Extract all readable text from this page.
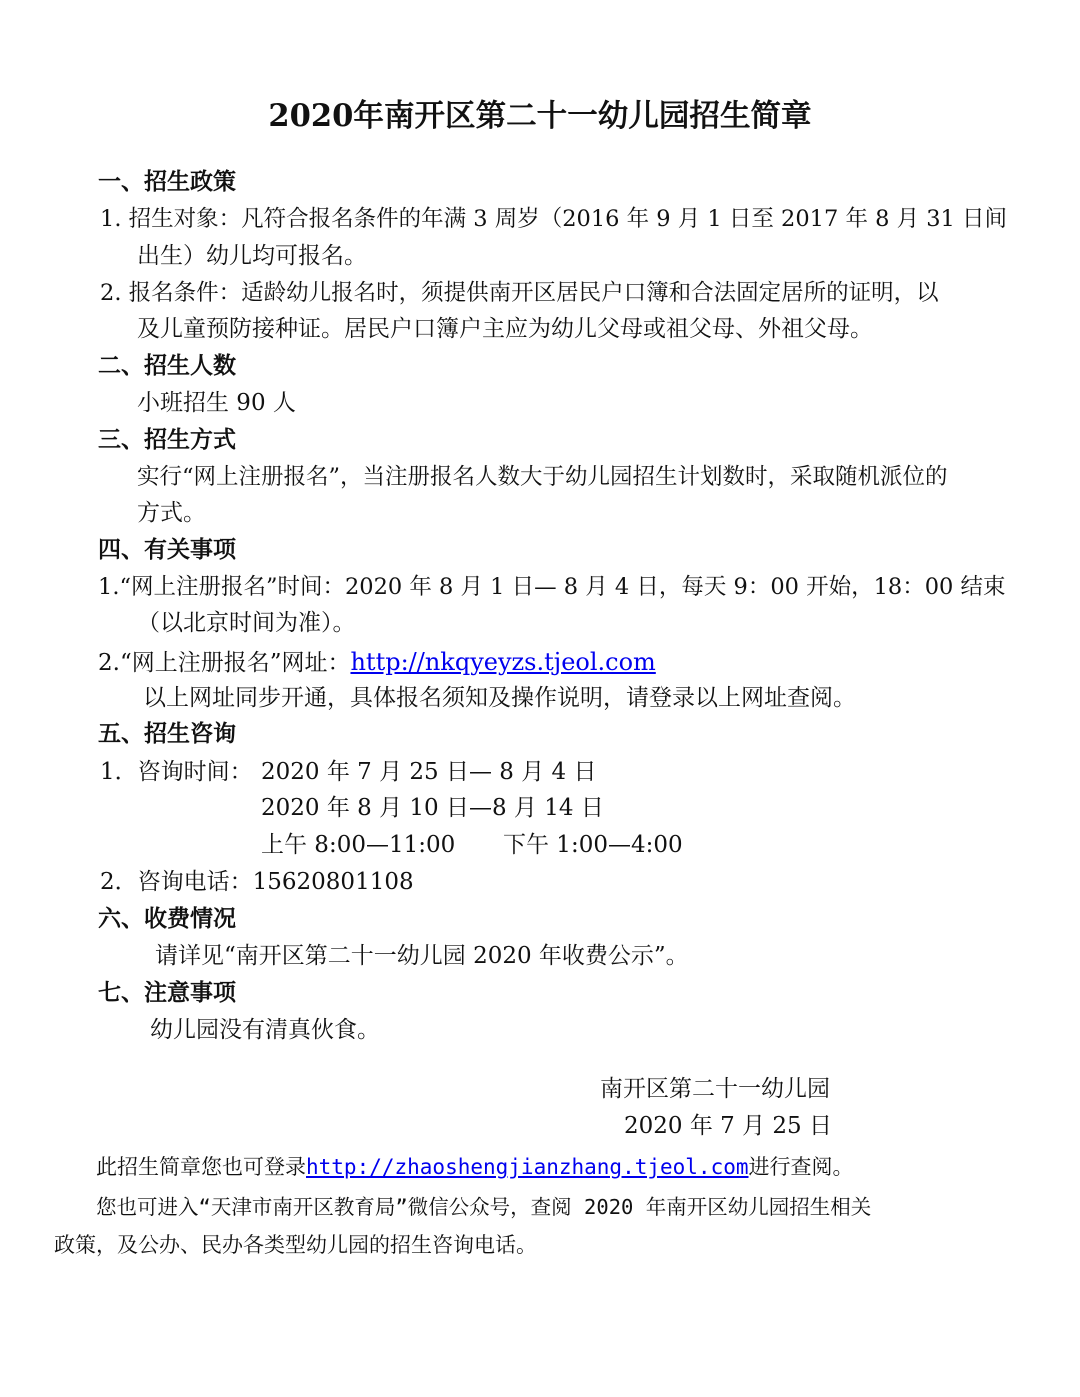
2020年南开区第二十一幼儿园招生简章
一、招生政策
1. 招生对象：凡符合报名条件的年满 3 周岁（2016 年 9 月 1 日至 2017 年 8 月 31 日间
出生）幼儿均可报名。
2. 报名条件：适龄幼儿报名时，须提供南开区居民户口簿和合法固定居所的证明，以
及儿童预防接种证。居民户口簿户主应为幼儿父母或祖父母、外祖父母。
二、招生人数
小班招生 90 人
三、招生方式
实行“网上注册报名”，当注册报名人数大于幼儿园招生计划数时，采取随机派位的
方式。
四、有关事项
1.“网上注册报名”时间：2020 年 8 月 1 日— 8 月 4 日，每天 9：00 开始，18：00 结束
（以北京时间为准）。
2.“网上注册报名”网址：http://nkqyeyzs.tjeol.com
以上网址同步开通，具体报名须知及操作说明，请登录以上网址查阅。
五、招生咨询
1．咨询时间： 2020 年 7 月 25 日— 8 月 4 日
2020 年 8 月 10 日—8 月 14 日
上午 8:00—11:00 下午 1:00—4:00
2．咨询电话：15620801108
六、收费情况
请详见“南开区第二十一幼儿园 2020 年收费公示”。
七、注意事项
幼儿园没有清真伙食。
南开区第二十一幼儿园
2020 年 7 月 25 日
此招生简章您也可登录http://zhaoshengjianzhang.tjeol.com进行查阅。
您也可进入“天津市南开区教育局”微信公众号，查阅 2020 年南开区幼儿园招生相关
政策，及公办、民办各类型幼儿园的招生咨询电话。
